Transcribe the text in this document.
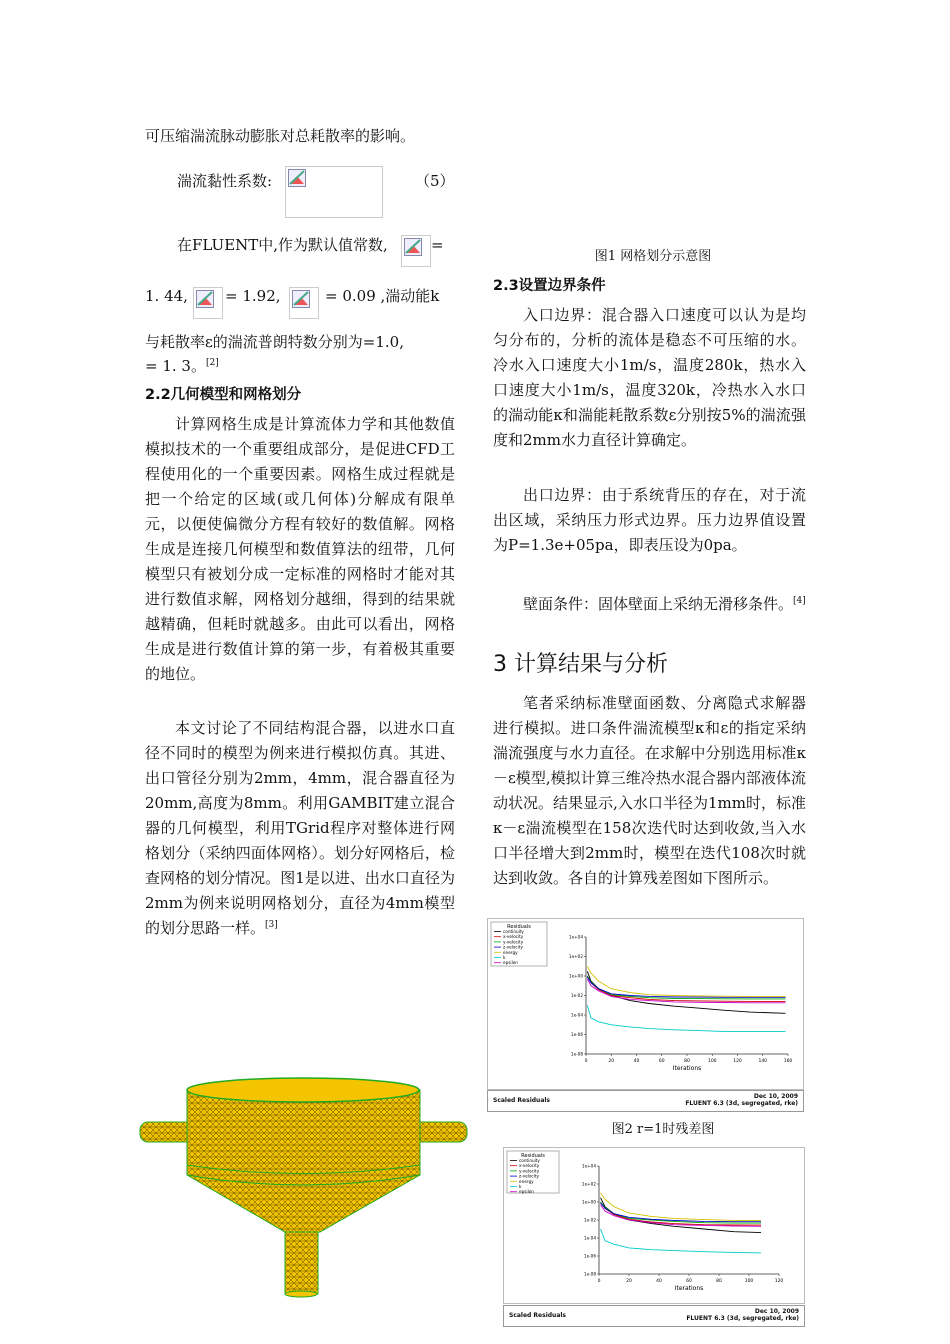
可压缩湍流脉动膨胀对总耗散率的影响。

湍流黏性系数:	（5）
在FLUENT中,作为默认值常数,	=
1. 44, = 1.92,	= 0.09 ,湍动能k
与耗散率ε的湍流普朗特数分别为=1.0,
= 1. 3。[2]

2.2几何模型和网格划分

计算网格生成是计算流体力学和其他数值模拟技术的一个重要组成部分，是促进CFD工程使用化的一个重要因素。网格生成过程就是把一个给定的区域(或几何体)分解成有限单元，以便使偏微分方程有较好的数值解。网格生成是连接几何模型和数值算法的纽带，几何模型只有被划分成一定标准的网格时才能对其进行数值求解，网格划分越细，得到的结果就越精确，但耗时就越多。由此可以看出，网格生成是进行数值计算的第一步，有着极其重要的地位。

本文讨论了不同结构混合器，以进水口直径不同时的模型为例来进行模拟仿真。其进、出口管径分别为2mm，4mm，混合器直径为20mm,高度为8mm。利用GAMBIT建立混合器的几何模型，利用TGrid程序对整体进行网格划分（采纳四面体网格）。划分好网格后，检查网格的划分情况。图1是以进、出水口直径为2mm为例来说明网格划分，直径为4mm模型的划分思路一样。[3]

图1 网格划分示意图

2.3设置边界条件

入口边界：混合器入口速度可以认为是均匀分布的，分析的流体是稳态不可压缩的水。冷水入口速度大小1m/s，温度280k，热水入口速度大小1m/s，温度320k，冷热水入水口的湍动能κ和湍能耗散系数ε分别按5%的湍流强度和2mm水力直径计算确定。

出口边界：由于系统背压的存在，对于流出区域，采纳压力形式边界。压力边界值设置为P=1.3e+05pa，即表压设为0pa。

壁面条件：固体壁面上采纳无滑移条件。[4]

3 计算结果与分析

笔者采纳标准壁面函数、分离隐式求解器进行模拟。进口条件湍流模型κ和ε的指定采纳湍流强度与水力直径。在求解中分别选用标准κ－ε模型,模拟计算三维冷热水混合器内部液体流动状况。结果显示,入水口半径为1mm时，标准κ－ε湍流模型在158次迭代时达到收敛,当入水口半径增大到2mm时，模型在迭代108次时就达到收敛。各自的计算残差图如下图所示。

图2 r=1时残差图

0	20	40	60	80	100	120	140	160
1e-08
1e-06
1e-04
1e-02
1e+00
1e+02
1e+04
Iterations
Residuals
continuity
x-velocity
y-velocity
z-velocity
energy
k
epsilon
Scaled Residuals
Dec 10, 2009
FLUENT 6.3 (3d, segregated, rke)
0	20	40	60	80	100	120
1e-08
1e-06
1e-04
1e-02
1e+00
1e+02
1e+04
Iterations
Residuals
continuity
x-velocity
y-velocity
z-velocity
energy
k
epsilon
Scaled Residuals
Dec 10, 2009
FLUENT 6.3 (3d, segregated, rke)
